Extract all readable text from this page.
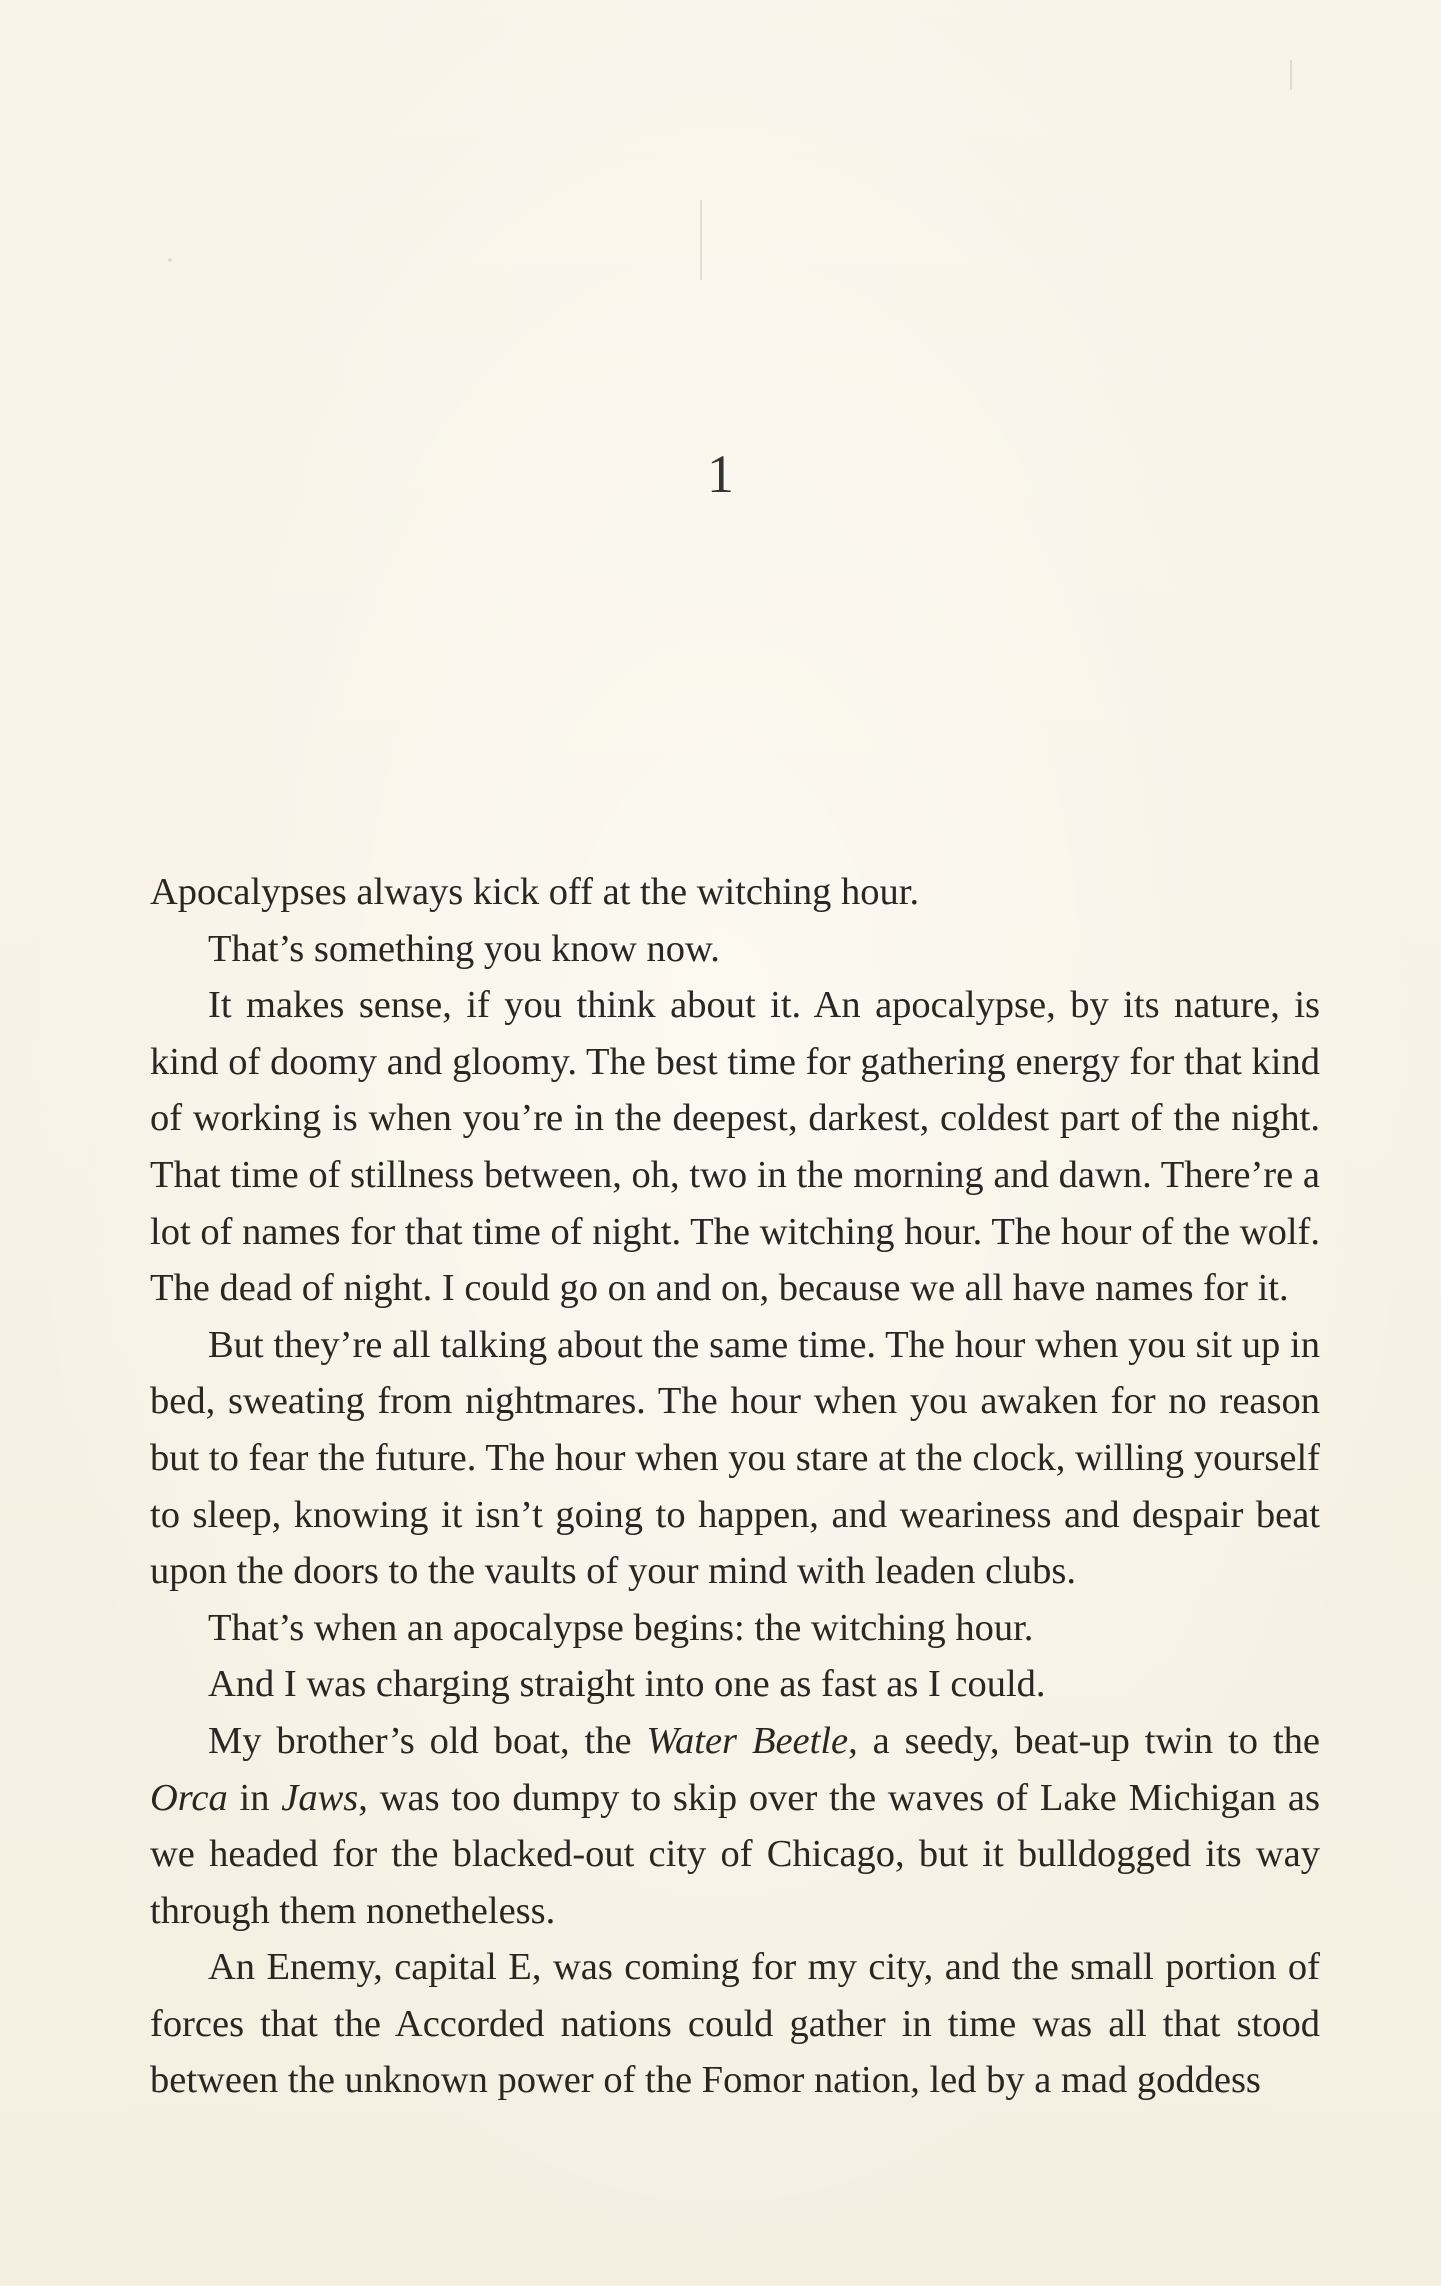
1

Apocalypses always kick off at the witching hour.

That’s something you know now.

It makes sense, if you think about it. An apocalypse, by its nature, is kind of doomy and gloomy. The best time for gathering energy for that kind of working is when you’re in the deepest, darkest, coldest part of the night. That time of stillness between, oh, two in the morning and dawn. There’re a lot of names for that time of night. The witching hour. The hour of the wolf. The dead of night. I could go on and on, because we all have names for it.

But they’re all talking about the same time. The hour when you sit up in bed, sweating from nightmares. The hour when you awaken for no reason but to fear the future. The hour when you stare at the clock, willing yourself to sleep, knowing it isn’t going to happen, and weariness and despair beat upon the doors to the vaults of your mind with leaden clubs.

That’s when an apocalypse begins: the witching hour.

And I was charging straight into one as fast as I could.

My brother’s old boat, the Water Beetle, a seedy, beat-up twin to the Orca in Jaws, was too dumpy to skip over the waves of Lake Michigan as we headed for the blacked-out city of Chicago, but it bulldogged its way through them nonetheless.

An Enemy, capital E, was coming for my city, and the small portion of forces that the Accorded nations could gather in time was all that stood between the unknown power of the Fomor nation, led by a mad goddess
